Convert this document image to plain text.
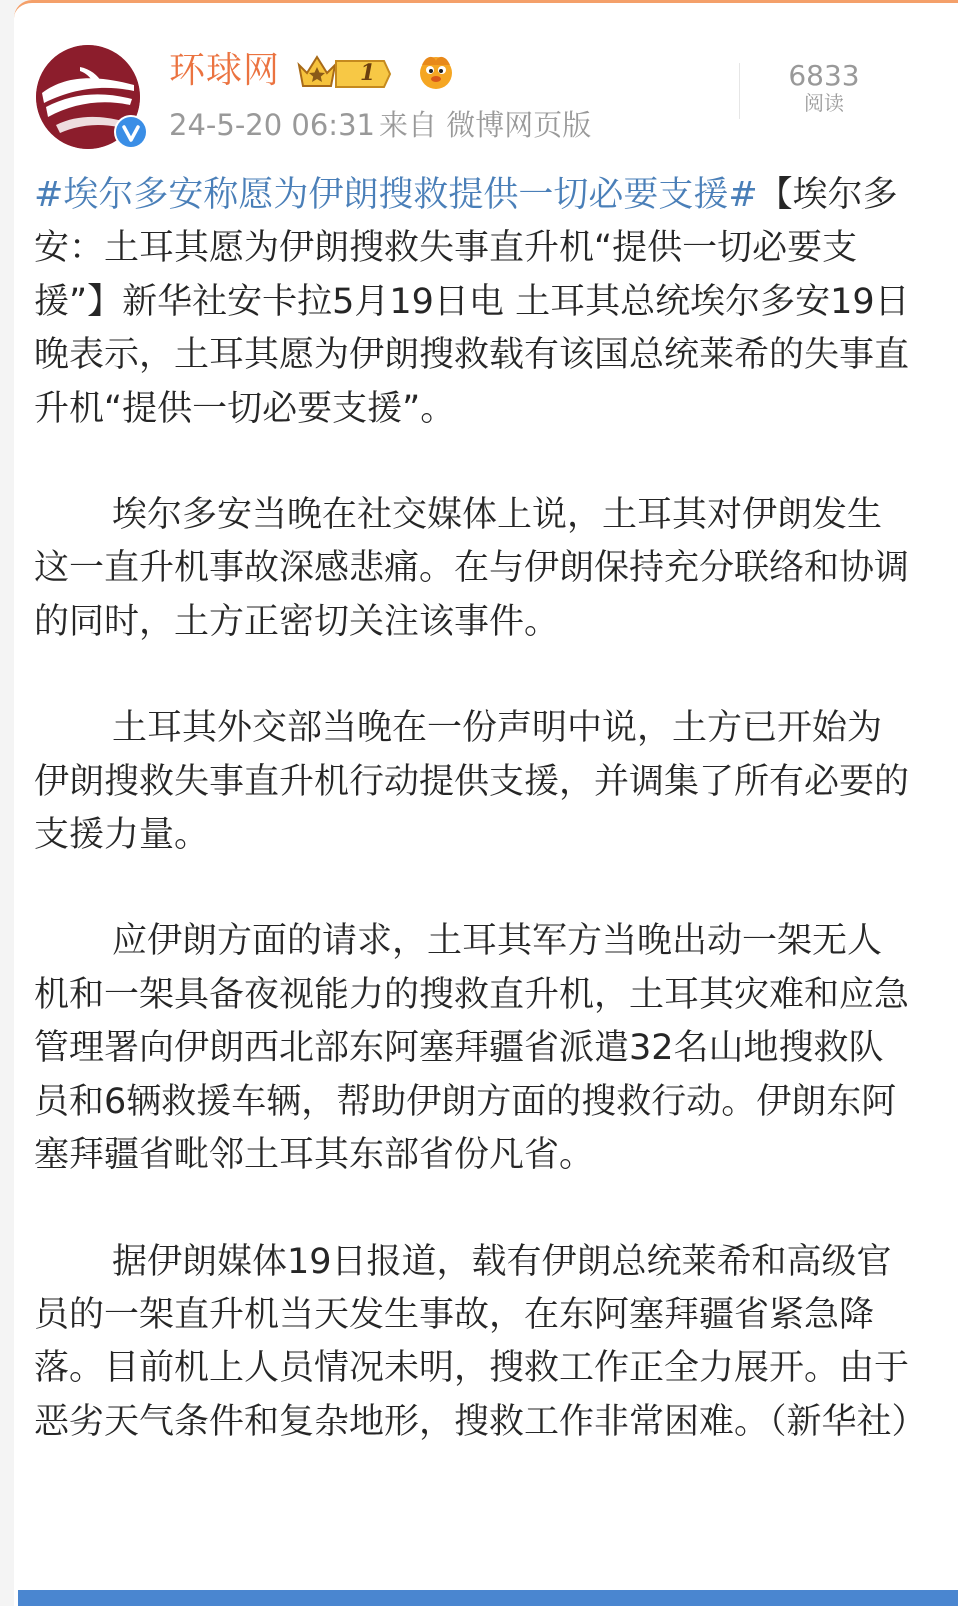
环球网	1
24-5-20 06:31 来自 微博网页版
6833
阅读

#埃尔多安称愿为伊朗搜救提供一切必要支援#【埃尔多安：土耳其愿为伊朗搜救失事直升机“提供一切必要支援”】新华社安卡拉5月19日电 土耳其总统埃尔多安19日晚表示，土耳其愿为伊朗搜救载有该国总统莱希的失事直升机“提供一切必要支援”。

埃尔多安当晚在社交媒体上说，土耳其对伊朗发生这一直升机事故深感悲痛。在与伊朗保持充分联络和协调的同时，土方正密切关注该事件。

土耳其外交部当晚在一份声明中说，土方已开始为伊朗搜救失事直升机行动提供支援，并调集了所有必要的支援力量。

应伊朗方面的请求，土耳其军方当晚出动一架无人机和一架具备夜视能力的搜救直升机，土耳其灾难和应急管理署向伊朗西北部东阿塞拜疆省派遣32名山地搜救队员和6辆救援车辆，帮助伊朗方面的搜救行动。伊朗东阿塞拜疆省毗邻土耳其东部省份凡省。

据伊朗媒体19日报道，载有伊朗总统莱希和高级官员的一架直升机当天发生事故，在东阿塞拜疆省紧急降落。目前机上人员情况未明，搜救工作正全力展开。由于恶劣天气条件和复杂地形，搜救工作非常困难。（新华社）
